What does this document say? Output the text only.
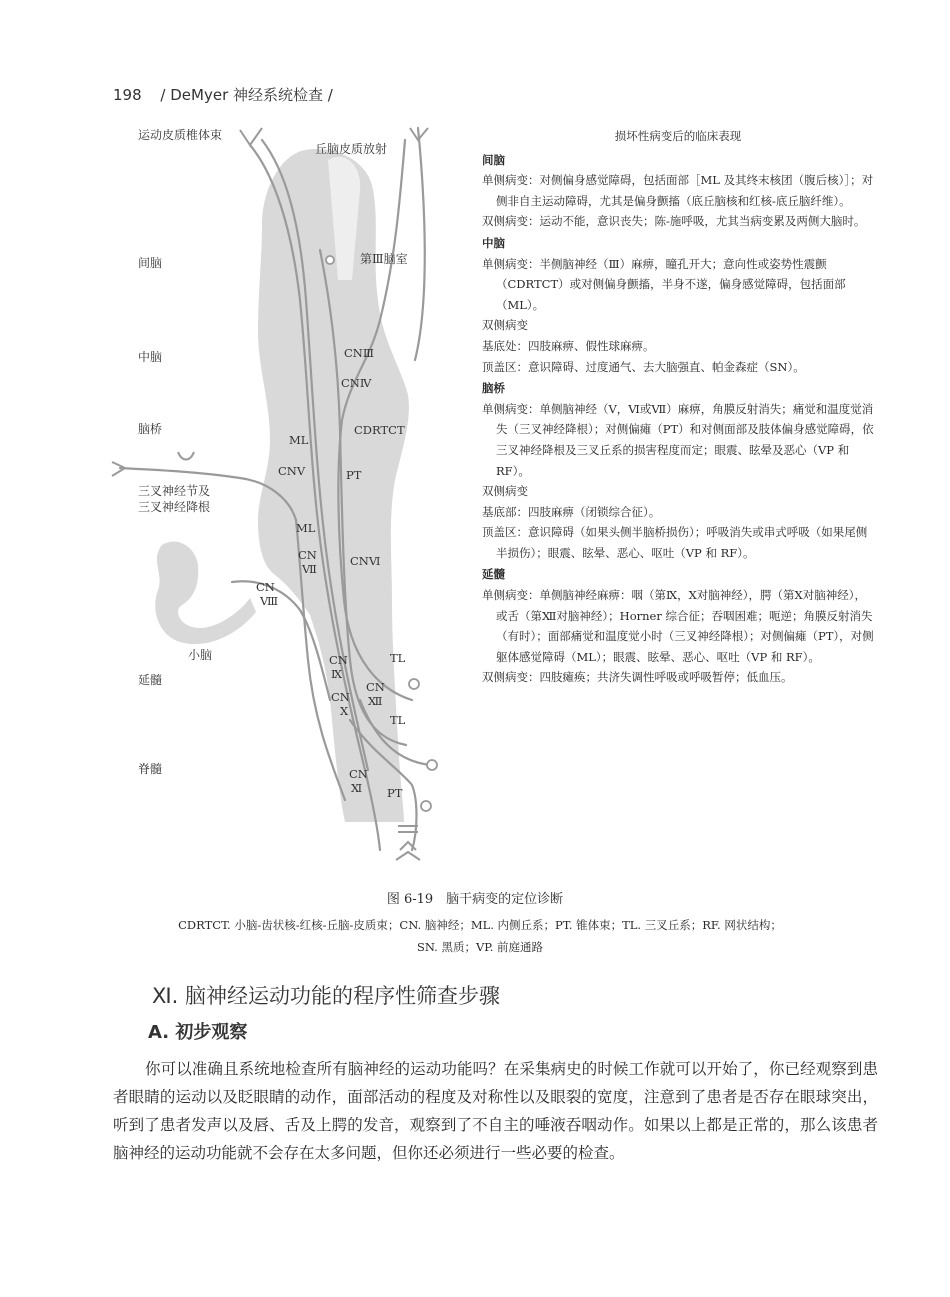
198 / DeMyer 神经系统检查 /
运动皮质椎体束
丘脑皮质放射
间脑	第Ⅲ脑室
中脑
脑桥
三叉神经节及
三叉神经降根
小脑
延髓
脊髓
CNⅢ
CNⅣ
CDRTCT
ML
CNⅤ	PT
ML
CN
Ⅶ
CNⅥ
CN
Ⅷ
CN
Ⅸ
TL
CN
Ⅹ
CN
Ⅻ
TL
CN
Ⅺ PT
损坏性病变后的临床表现
间脑
单侧病变：对侧偏身感觉障碍，包括面部［ML 及其终末核团（腹后核）］；对侧非自主运动障碍，尤其是偏身颤搐（底丘脑核和红核-底丘脑纤维）。
双侧病变：运动不能，意识丧失；陈-施呼吸，尤其当病变累及两侧大脑时。
中脑
单侧病变：半侧脑神经（Ⅲ）麻痹，瞳孔开大；意向性或姿势性震颤（CDRTCT）或对侧偏身颤搐，半身不遂，偏身感觉障碍，包括面部（ML）。
双侧病变
基底处：四肢麻痹、假性球麻痹。
顶盖区：意识障碍、过度通气、去大脑强直、帕金森症（SN）。
脑桥
单侧病变：单侧脑神经（Ⅴ，Ⅵ或Ⅶ）麻痹，角膜反射消失；痛觉和温度觉消失（三叉神经降根）；对侧偏瘫（PT）和对侧面部及肢体偏身感觉障碍，依三叉神经降根及三叉丘系的损害程度而定；眼震、眩晕及恶心（VP 和 RF）。
双侧病变
基底部：四肢麻痹（闭锁综合征）。
顶盖区：意识障碍（如果头侧半脑桥损伤）；呼吸消失或串式呼吸（如果尾侧半损伤）；眼震、眩晕、恶心、呕吐（VP 和 RF）。
延髓
单侧病变：单侧脑神经麻痹：咽（第Ⅸ，Ⅹ对脑神经），腭（第Ⅹ对脑神经），或舌（第Ⅻ对脑神经）；Horner 综合征；吞咽困难；呃逆；角膜反射消失（有时）；面部痛觉和温度觉小时（三叉神经降根）；对侧偏瘫（PT），对侧躯体感觉障碍（ML）；眼震、眩晕、恶心、呕吐（VP 和 RF）。
双侧病变：四肢瘫痪；共济失调性呼吸或呼吸暂停；低血压。
图 6-19　脑干病变的定位诊断
CDRTCT. 小脑-齿状核-红核-丘脑-皮质束；CN. 脑神经；ML. 内侧丘系；PT. 锥体束；TL. 三叉丘系；RF. 网状结构；
SN. 黑质；VP. 前庭通路
Ⅺ. 脑神经运动功能的程序性筛查步骤
A. 初步观察
你可以准确且系统地检查所有脑神经的运动功能吗？在采集病史的时候工作就可以开始了，你已经观察到患者眼睛的运动以及眨眼睛的动作，面部活动的程度及对称性以及眼裂的宽度，注意到了患者是否存在眼球突出，听到了患者发声以及唇、舌及上腭的发音，观察到了不自主的唾液吞咽动作。如果以上都是正常的，那么该患者脑神经的运动功能就不会存在太多问题，但你还必须进行一些必要的检查。
